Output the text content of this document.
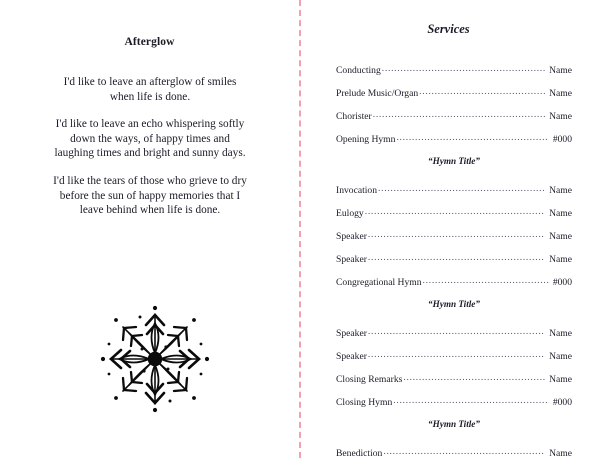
Afterglow

I'd like to leave an afterglow of smiles when life is done.

I'd like to leave an echo whispering softly down the ways, of happy times and laughing times and bright and sunny days.

I'd like the tears of those who grieve to dry before the sun of happy memories that I leave behind when life is done.

Services
Conducting .....	Name
Prelude Music/Organ .....	Name
Chorister .....	Name
Opening Hymn .....	#000
“Hymn Title”
Invocation .....	Name
Eulogy .....	Name
Speaker .....	Name
Speaker .....	Name
Congregational Hymn .....	#000
“Hymn Title”
Speaker .....	Name
Speaker .....	Name
Closing Remarks .....	Name
Closing Hymn .....	#000
“Hymn Title”
Benediction .....	Name
